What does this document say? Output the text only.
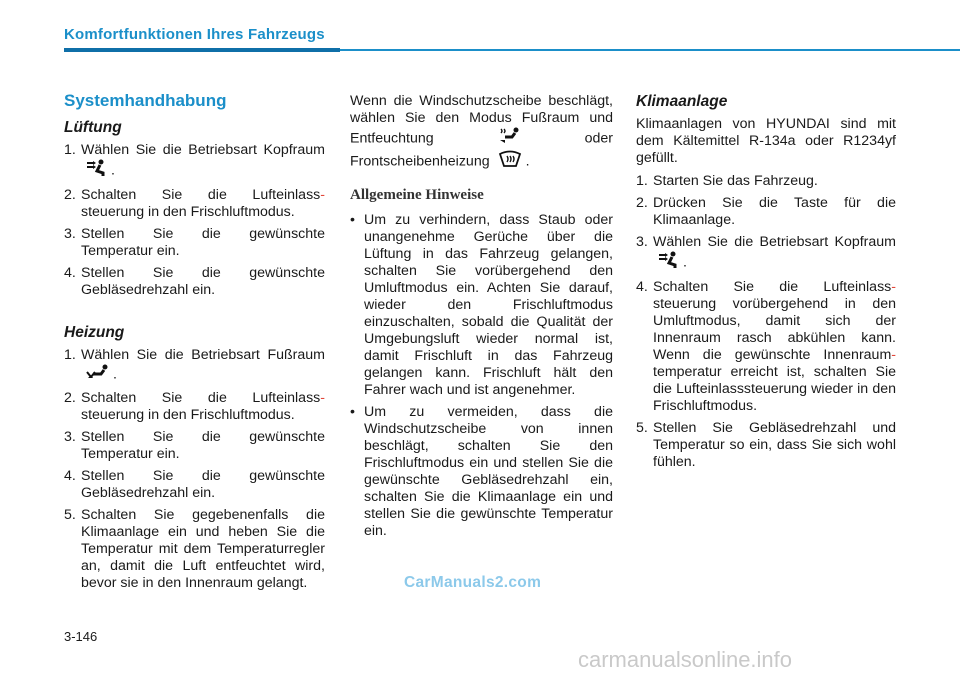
Komfortfunktionen Ihres Fahrzeugs
Systemhandhabung
Lüftung
1. Wählen Sie die Betriebsart Kopfraum .
2. Schalten Sie die Lufteinlass- steuerung in den Frischluftmodus.
3. Stellen Sie die gewünschte Temperatur ein.
4. Stellen Sie die gewünschte Gebläsedrehzahl ein.
Heizung
1. Wählen Sie die Betriebsart Fußraum .
2. Schalten Sie die Lufteinlass- steuerung in den Frischluftmodus.
3. Stellen Sie die gewünschte Temperatur ein.
4. Stellen Sie die gewünschte Gebläsedrehzahl ein.
5. Schalten Sie gegebenenfalls die Klimaanlage ein und heben Sie die Temperatur mit dem Temperaturregler an, damit die Luft entfeuchtet wird, bevor sie in den Innenraum gelangt.

Wenn die Windschutzscheibe beschlägt, wählen Sie den Modus Fußraum und Entfeuchtung	oder Frontscheibenheizung	.

Allgemeine Hinweise
• Um zu verhindern, dass Staub oder unangenehme Gerüche über die Lüftung in das Fahrzeug gelangen, schalten Sie vorübergehend den Umluftmodus ein. Achten Sie darauf, wieder den Frischluftmodus einzuschalten, sobald die Qualität der Umgebungsluft wieder normal ist, damit Frischluft in das Fahrzeug gelangen kann. Frischluft hält den Fahrer wach und ist angenehmer.
• Um zu vermeiden, dass die Windschutzscheibe von innen beschlägt, schalten Sie den Frischluftmodus ein und stellen Sie die gewünschte Gebläsedrehzahl ein, schalten Sie die Klimaanlage ein und stellen Sie die gewünschte Temperatur ein.
Klimaanlage

Klimaanlagen von HYUNDAI sind mit dem Kältemittel R-134a oder R1234yf gefüllt.

1. Starten Sie das Fahrzeug.
2. Drücken Sie die Taste für die Klimaanlage.
3. Wählen Sie die Betriebsart Kopfraum .
4. Schalten Sie die Lufteinlass- steuerung vorübergehend in den Umluftmodus, damit sich der Innenraum rasch abkühlen kann. Wenn die gewünschte Innenraum- temperatur erreicht ist, schalten Sie die Lufteinlasssteuerung wieder in den Frischluftmodus.
5. Stellen Sie Gebläsedrehzahl und Temperatur so ein, dass Sie sich wohl fühlen.
CarManuals2.com
3-146
carmanualsonline.info
